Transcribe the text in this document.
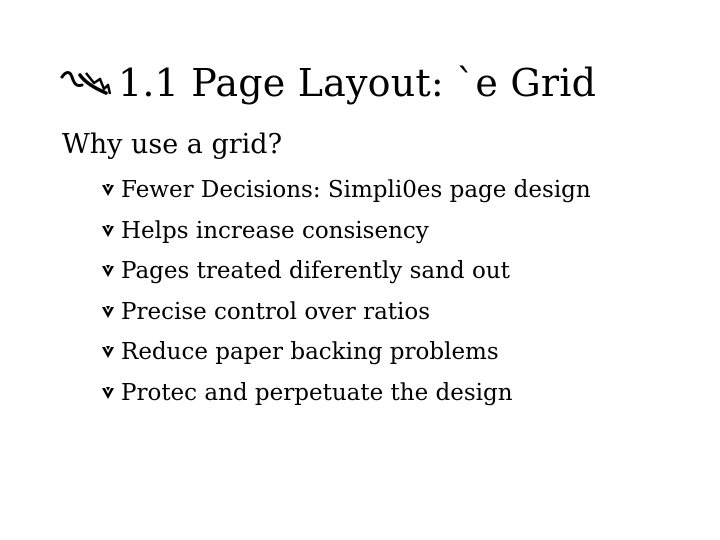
1.1 Page Layout: `e Grid
Why use a grid?
Fewer Decisions: Simpli0es page design
Helps increase consisency
Pages treated diferently sand out
Precise control over ratios
Reduce paper backing problems
Protec and perpetuate the design
